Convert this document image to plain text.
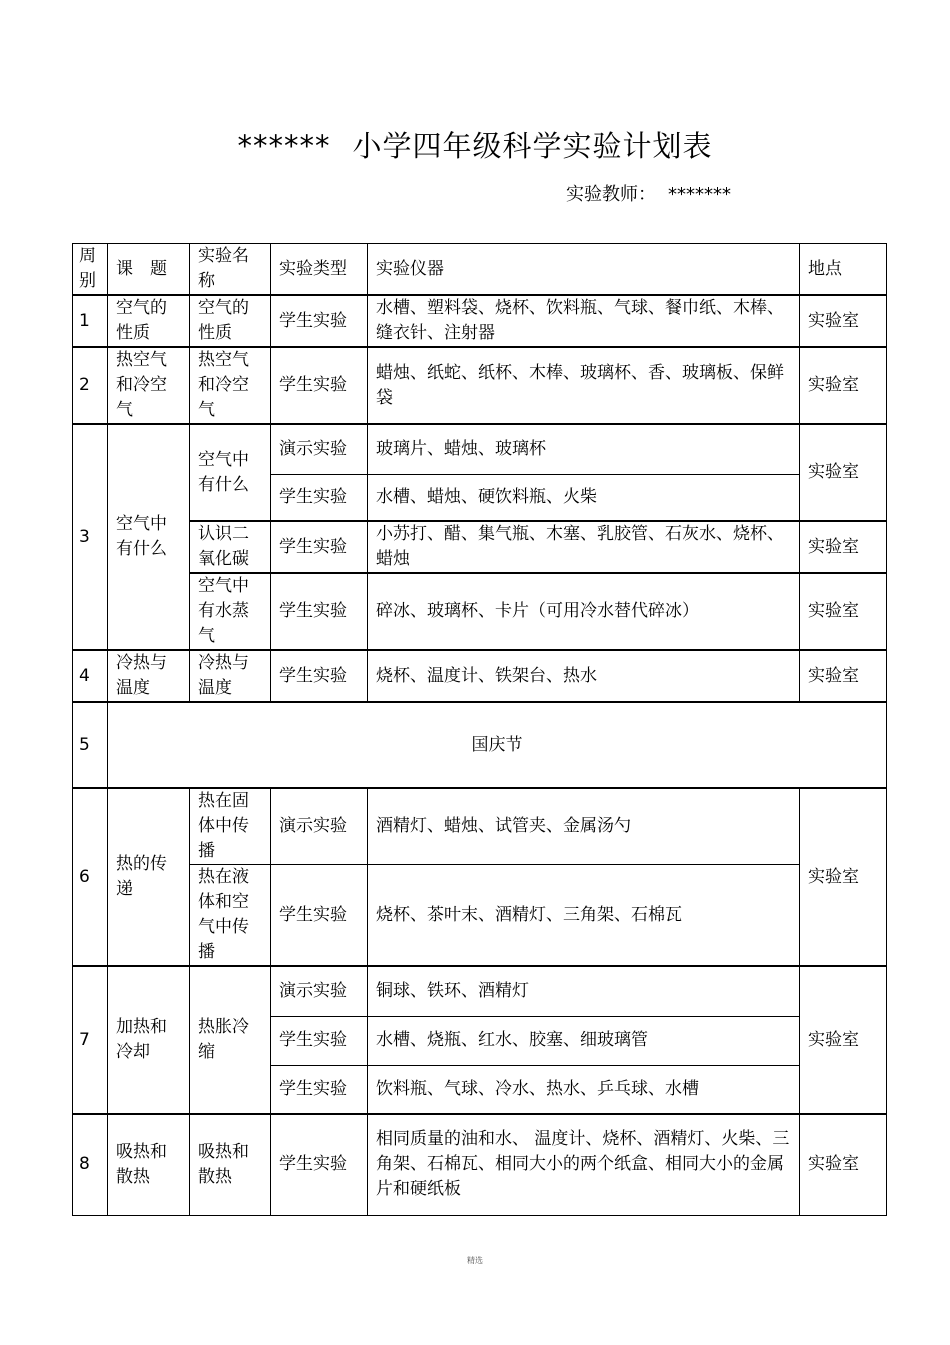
****** 小学四年级科学实验计划表
实验教师： *******
周别	课　题	实验名称	实验类型	实验仪器	地点
1	空气的性质	空气的性质	学生实验	水槽、塑料袋、烧杯、饮料瓶、气球、餐巾纸、木棒、缝衣针、注射器	实验室
2	热空气和冷空气	热空气和冷空气	学生实验	蜡烛、纸蛇、纸杯、木棒、玻璃杯、香、玻璃板、保鲜袋	实验室
3	空气中有什么	空气中有什么	演示实验	玻璃片、蜡烛、玻璃杯	实验室
			学生实验	水槽、蜡烛、硬饮料瓶、火柴	
		认识二氧化碳	学生实验	小苏打、醋、集气瓶、木塞、乳胶管、石灰水、烧杯、蜡烛	实验室
		空气中有水蒸气	学生实验	碎冰、玻璃杯、卡片（可用冷水替代碎冰）	实验室

4	冷热与温度	冷热与温度	学生实验	烧杯、温度计、铁架台、热水	实验室
5	国庆节				
6	热的传递	热在固体中传播	演示实验	酒精灯、蜡烛、试管夹、金属汤勺	实验室
		热在液体和空气中传播	学生实验	烧杯、茶叶末、酒精灯、三角架、石棉瓦	
7	加热和冷却	热胀冷缩	演示实验	铜球、铁环、酒精灯	实验室
			学生实验	水槽、烧瓶、红水、胶塞、细玻璃管	
			学生实验	饮料瓶、气球、冷水、热水、乒乓球、水槽	
8	吸热和散热	吸热和散热	学生实验	相同质量的油和水、 温度计、烧杯、酒精灯、火柴、三角架、石棉瓦、相同大小的两个纸盒、相同大小的金属片和硬纸板	实验室
精选
